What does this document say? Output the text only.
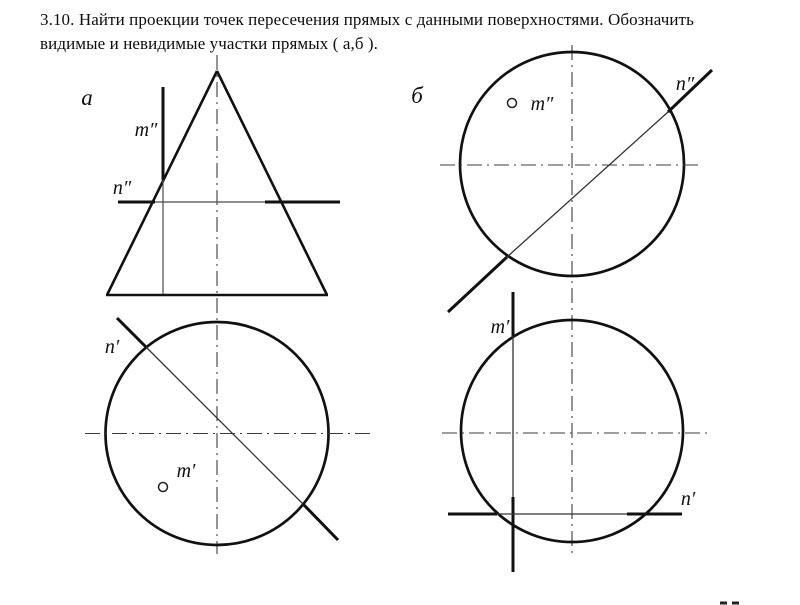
3.10. Найти проекции точек пересечения прямых с данными поверхностями. Обозначить
видимые и невидимые участки прямых ( а,б ).
а
m″
n″
n′
m′
б	m″
n″
m′
n′
